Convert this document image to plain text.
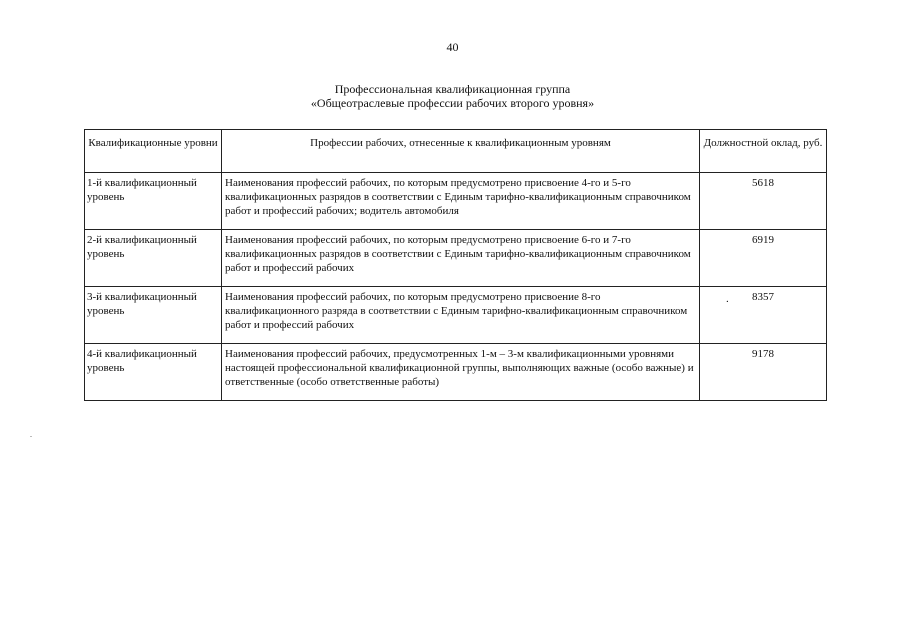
40
Профессиональная квалификационная группа
«Общеотраслевые профессии рабочих второго уровня»
Квалификационные уровни	Профессии рабочих, отнесенные к квалификационным уровням	Должностной оклад, руб.
1-й квалификационный уровень	Наименования профессий рабочих, по которым предусмотрено присвоение 4-го и 5-го квалификационных разрядов в соответствии с Единым тарифно-квалификационным справочником работ и профессий рабочих; водитель автомобиля	5618
2-й квалификационный уровень	Наименования профессий рабочих, по которым предусмотрено присвоение 6-го и 7-го квалификационных разрядов в соответствии с Единым тарифно-квалификационным справочником работ и профессий рабочих	6919
3-й квалификационный уровень	Наименования профессий рабочих, по которым предусмотрено присвоение 8-го квалификационного разряда в соответствии с Единым тарифно-квалификационным справочником работ и профессий рабочих	. 8357
4-й квалификационный уровень	Наименования профессий рабочих, предусмотренных 1-м – 3-м квалификационными уровнями настоящей профессиональной квалификационной группы, выполняющих важные (особо важные) и ответственные (особо ответственные работы)	9178
